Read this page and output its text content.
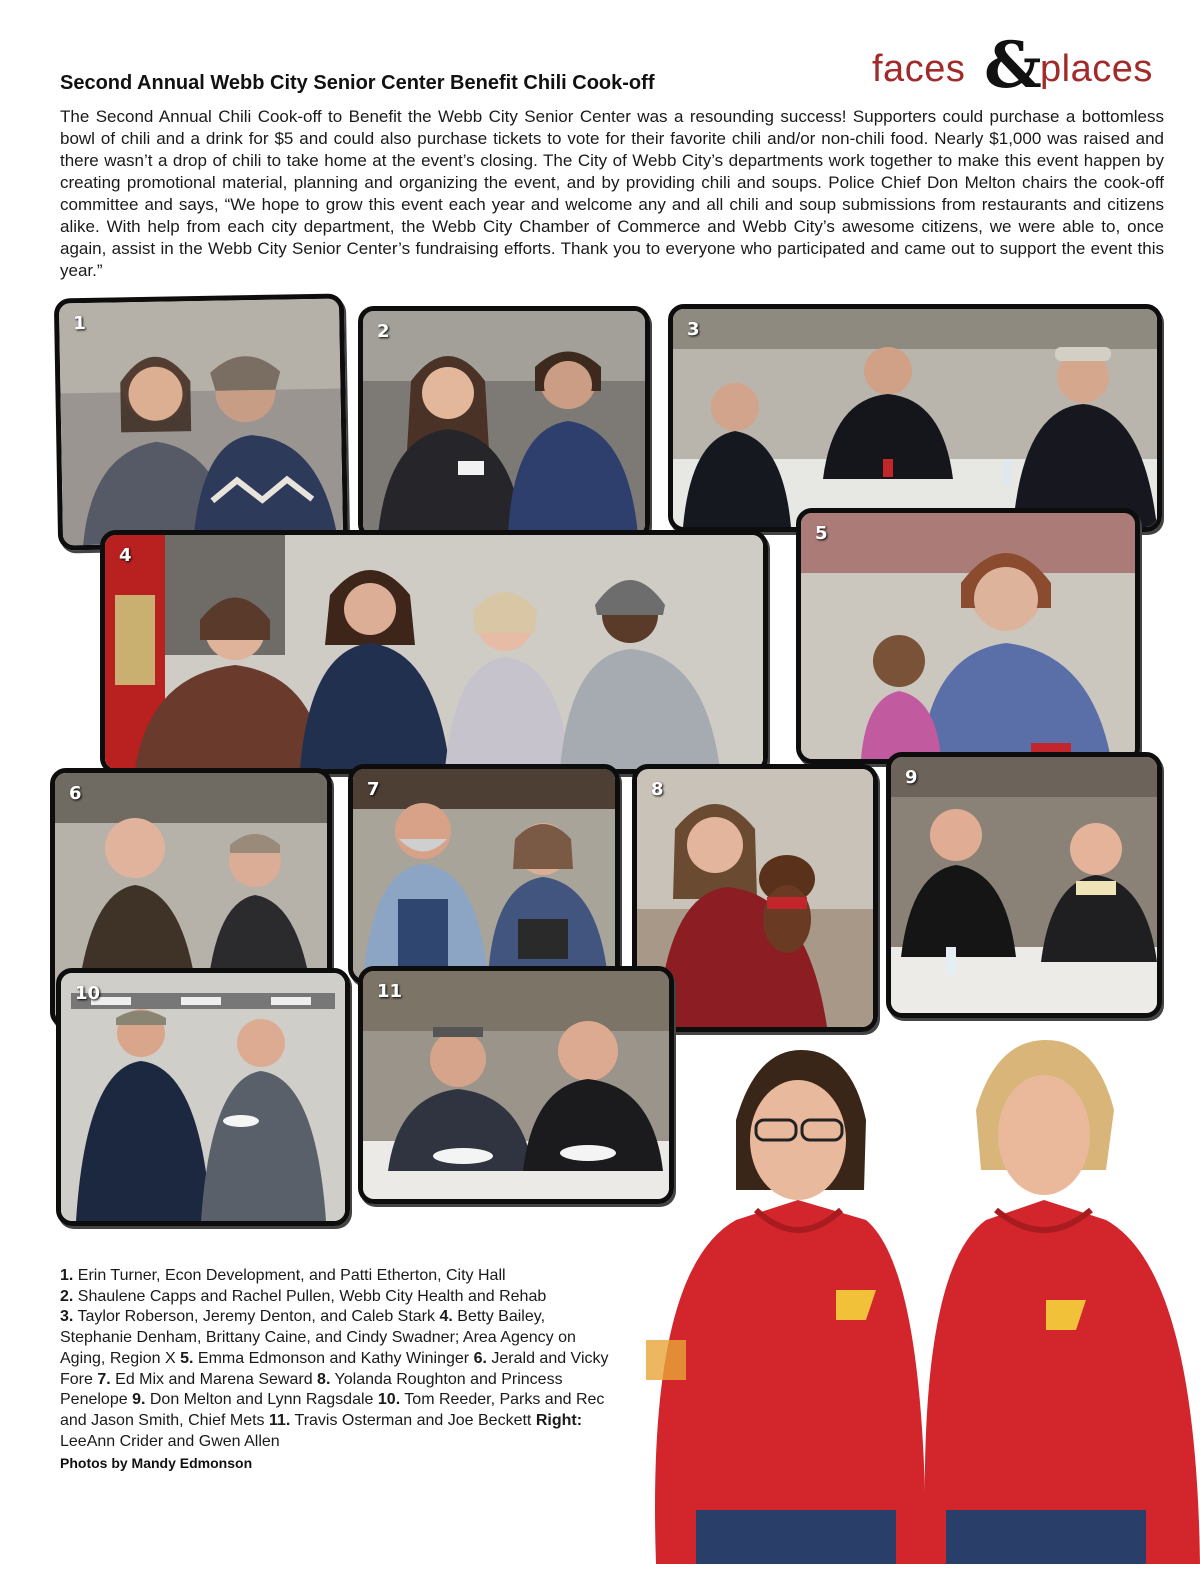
faces &
places
Second Annual Webb City Senior Center Benefit Chili Cook-off
The Second Annual Chili Cook-off to Benefit the Webb City Senior Center was a resounding success! Supporters could purchase a bottomless bowl of chili and a drink for $5 and could also purchase tickets to vote for their favorite chili and/or non-chili food. Nearly $1,000 was raised and there wasn’t a drop of chili to take home at the event’s closing. The City of Webb City’s departments work together to make this event happen by creating promotional material, planning and organizing the event, and by providing chili and soups. Police Chief Don Melton chairs the cook-off committee and says, “We hope to grow this event each year and welcome any and all chili and soup submissions from restaurants and citizens alike. With help from each city department, the Webb City Chamber of Commerce and Webb City’s awesome citizens, we were able to, once again, assist in the Webb City Senior Center’s fundraising efforts. Thank you to everyone who participated and came out to support the event this year.”
1	2	3
5
4
6	7	8
9
10	11
1. Erin Turner, Econ Development, and Patti Etherton, City Hall
2. Shaulene Capps and Rachel Pullen, Webb City Health and Rehab
3. Taylor Roberson, Jeremy Denton, and Caleb Stark 4. Betty Bailey, Stephanie Denham, Brittany Caine, and Cindy Swadner; Area Agency on Aging, Region X 5. Emma Edmonson and Kathy Wininger 6. Jerald and Vicky Fore 7. Ed Mix and Marena Seward 8. Yolanda Roughton and Princess Penelope 9. Don Melton and Lynn Ragsdale 10. Tom Reeder, Parks and Rec and Jason Smith, Chief Mets 11. Travis Osterman and Joe Beckett Right: LeeAnn Crider and Gwen Allen
Photos by Mandy Edmonson
